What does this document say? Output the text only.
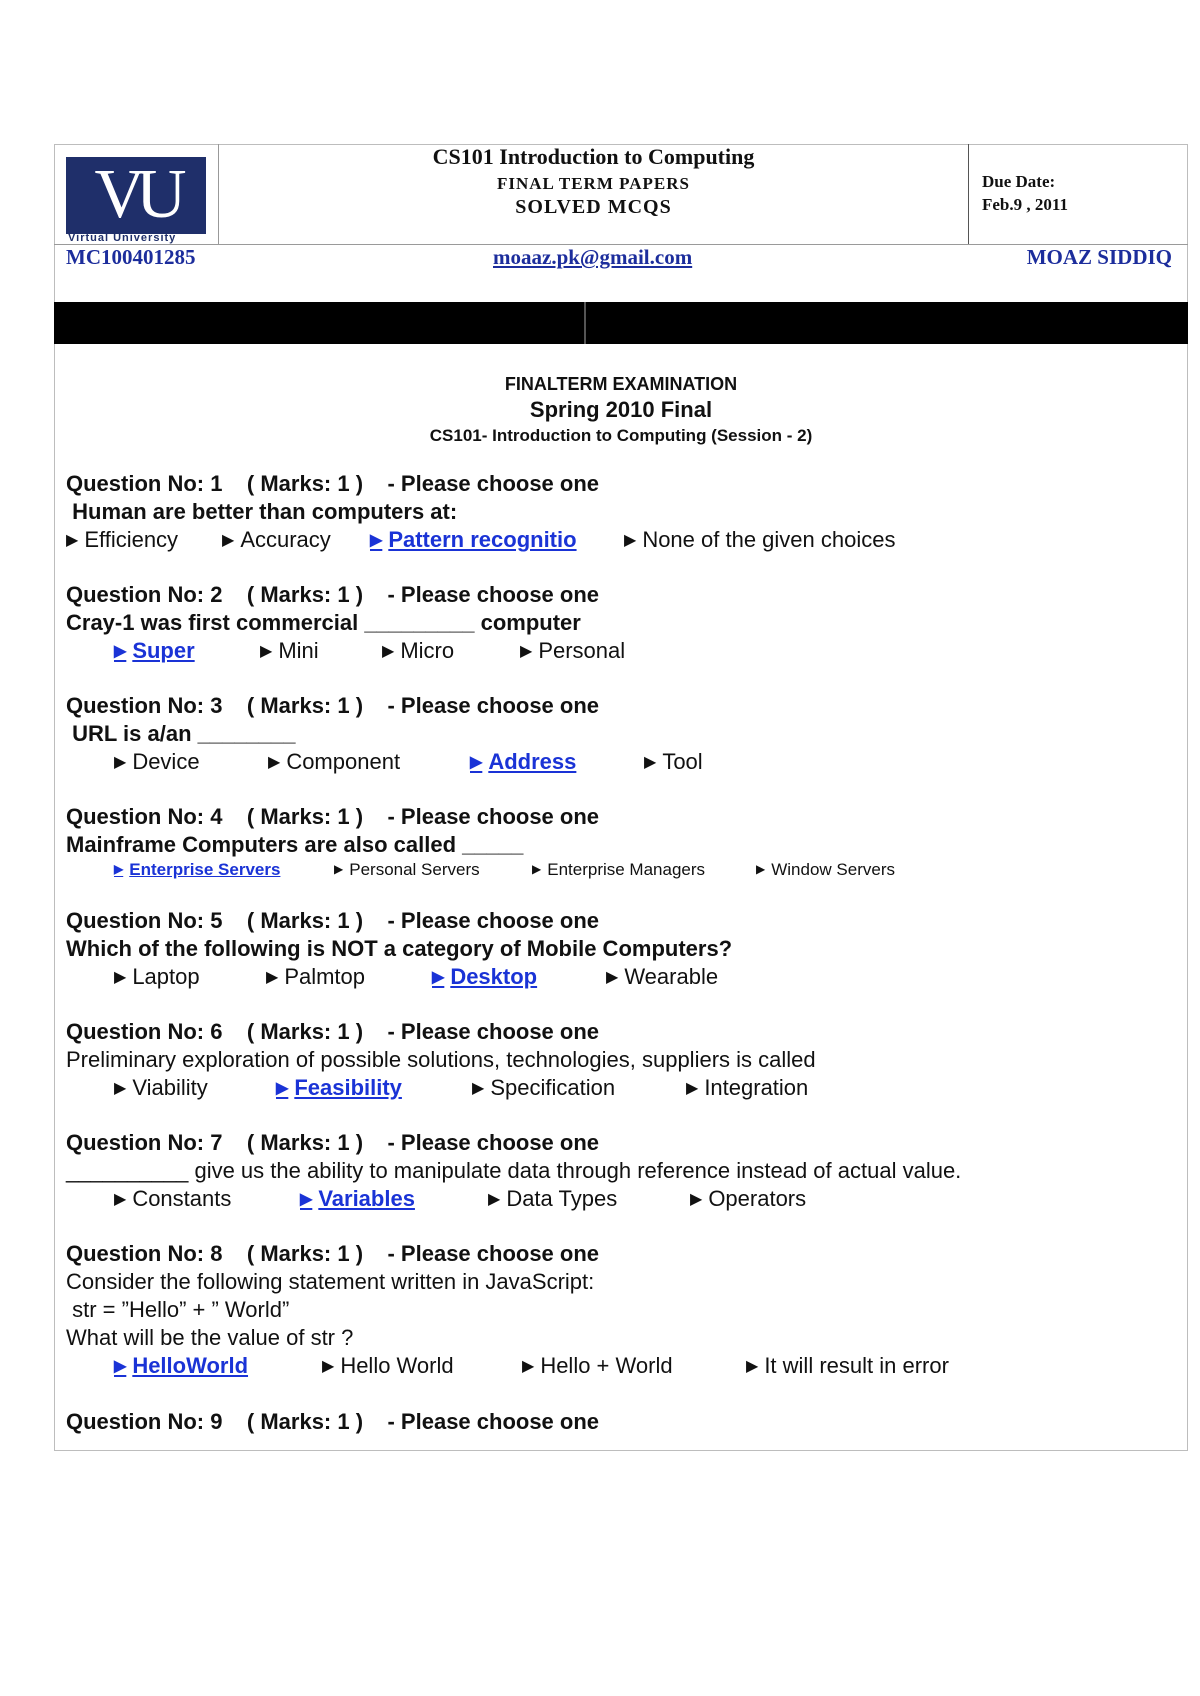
VU
Virtual University
CS101 Introduction to Computing
FINAL TERM PAPERS
SOLVED MCQS
Due Date:
Feb.9 , 2011
MC100401285	moaaz.pk@gmail.com	MOAZ SIDDIQ
FINALTERM EXAMINATION
Spring 2010 Final
CS101- Introduction to Computing (Session - 2)
Question No: 1    ( Marks: 1 )    - Please choose one
Human are better than computers at:
▶ Efficiency	▶ Accuracy ▶ Pattern recognitio	▶ None of the given choices
Question No: 2    ( Marks: 1 )    - Please choose one
Cray-1 was first commercial _________ computer
▶ Super	▶ Mini	▶ Micro	▶ Personal
Question No: 3    ( Marks: 1 )    - Please choose one
URL is a/an ________
▶ Device	▶ Component	▶ Address	▶ Tool
Question No: 4    ( Marks: 1 )    - Please choose one
Mainframe Computers are also called _____
▶ Enterprise Servers	▶ Personal Servers	▶ Enterprise Managers	▶ Window Servers
Question No: 5    ( Marks: 1 )    - Please choose one
Which of the following is NOT a category of Mobile Computers?
▶ Laptop	▶ Palmtop	▶ Desktop	▶ Wearable
Question No: 6    ( Marks: 1 )    - Please choose one
Preliminary exploration of possible solutions, technologies, suppliers is called
▶ Viability	▶ Feasibility	▶ Specification	▶ Integration
Question No: 7    ( Marks: 1 )    - Please choose one
__________ give us the ability to manipulate data through reference instead of actual value.
▶ Constants	▶ Variables	▶ Data Types	▶ Operators
Question No: 8    ( Marks: 1 )    - Please choose one
Consider the following statement written in JavaScript:
str = ”Hello” + ” World”
What will be the value of str ?
▶ HelloWorld	▶ Hello World	▶ Hello + World	▶ It will result in error
Question No: 9    ( Marks: 1 )    - Please choose one
